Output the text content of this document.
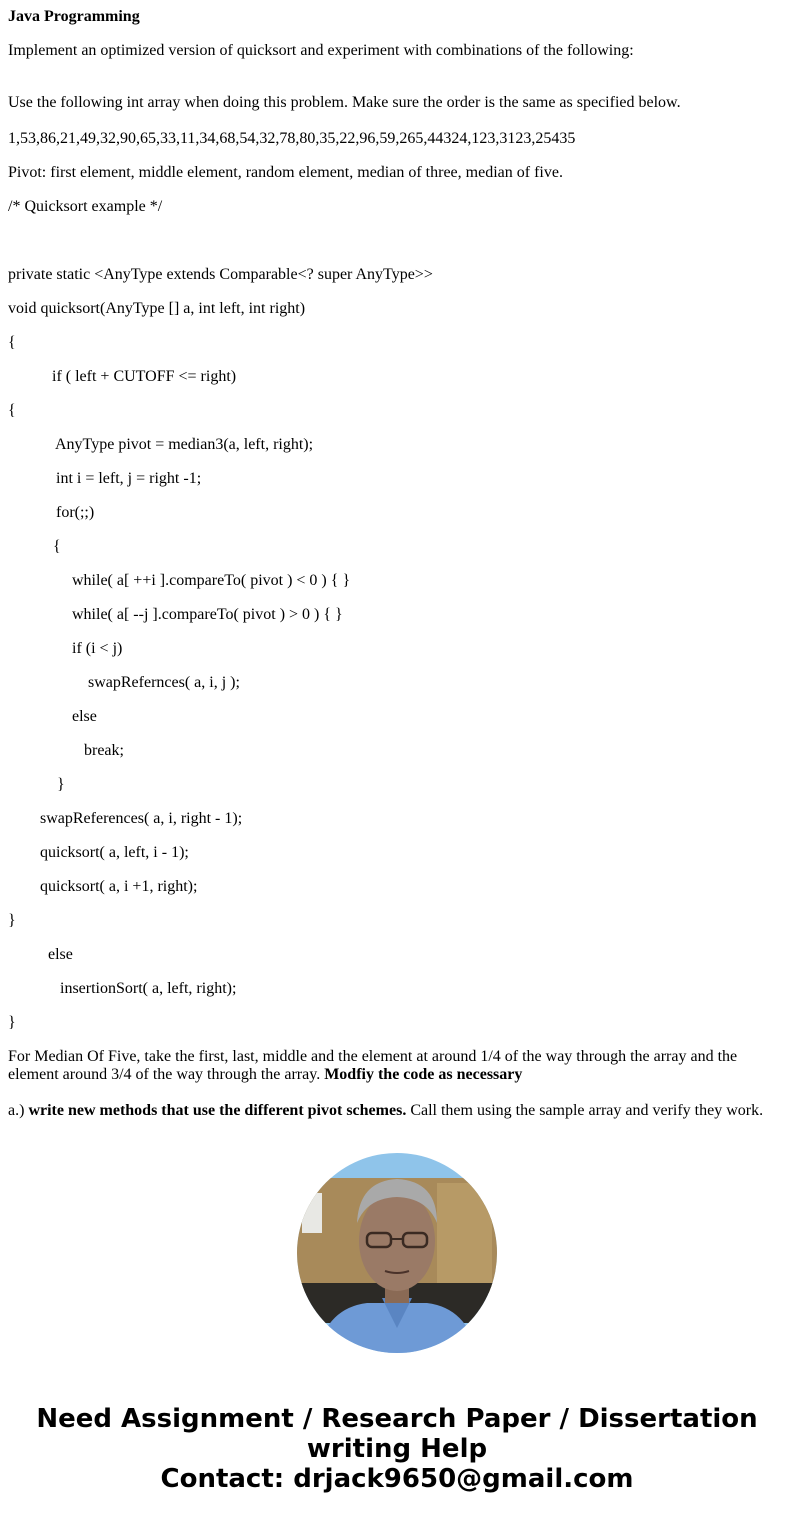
Java Programming
Implement an optimized version of quicksort and experiment with combinations of the following:
Use the following int array when doing this problem. Make sure the order is the same as specified below.
1,53,86,21,49,32,90,65,33,11,34,68,54,32,78,80,35,22,96,59,265,44324,123,3123,25435
Pivot: first element, middle element, random element, median of three, median of five.
/* Quicksort example */
private static <AnyType extends Comparable<? super AnyType>>
void quicksort(AnyType [] a, int left, int right)
{
if ( left + CUTOFF <= right)
{
AnyType pivot = median3(a, left, right);
int i = left, j = right -1;
for(;;)
{
while( a[ ++i ].compareTo( pivot ) < 0 ) { }
while( a[ --j ].compareTo( pivot ) > 0 ) { }
if (i < j)
swapRefernces( a, i, j );
else
break;
}
swapReferences( a, i, right - 1);
quicksort( a, left, i - 1);
quicksort( a, i +1, right);
}
else
insertionSort( a, left, right);
}
For Median Of Five, take the first, last, middle and the element at around 1/4 of the way through the array and the element around 3/4 of the way through the array. Modfiy the code as necessary
a.) write new methods that use the different pivot schemes. Call them using the sample array and verify they work.
Need Assignment / Research Paper / Dissertation
writing Help
Contact: drjack9650@gmail.com
